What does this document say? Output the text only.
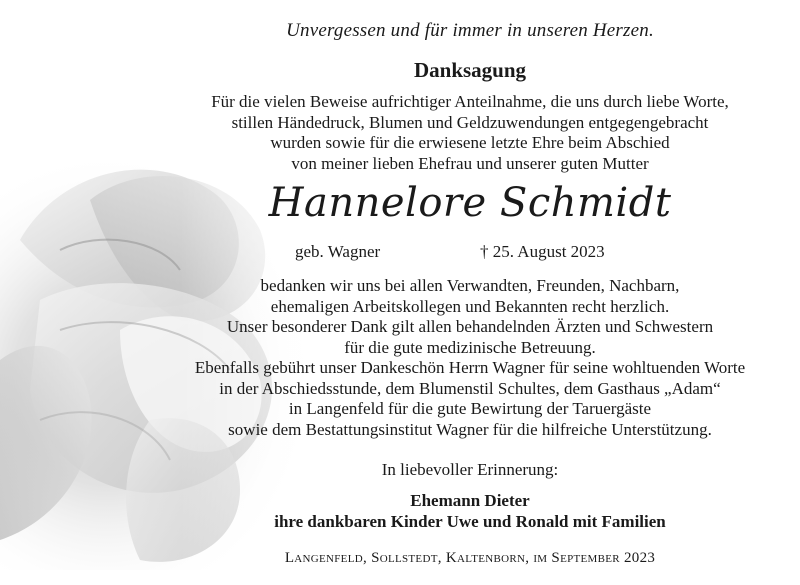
Unvergessen und für immer in unseren Herzen.
Danksagung
Für die vielen Beweise aufrichtiger Anteilnahme, die uns durch liebe Worte,
stillen Händedruck, Blumen und Geldzuwendungen entgegengebracht
wurden sowie für die erwiesene letzte Ehre beim Abschied
von meiner lieben Ehefrau und unserer guten Mutter
Hannelore Schmidt
geb. Wagner	† 25. August 2023
bedanken wir uns bei allen Verwandten, Freunden, Nachbarn,
ehemaligen Arbeitskollegen und Bekannten recht herzlich.
Unser besonderer Dank gilt allen behandelnden Ärzten und Schwestern
für die gute medizinische Betreuung.
Ebenfalls gebührt unser Dankeschön Herrn Wagner für seine wohltuenden Worte
in der Abschiedsstunde, dem Blumenstil Schultes, dem Gasthaus „Adam“
in Langenfeld für die gute Bewirtung der Taruergäste
sowie dem Bestattungsinstitut Wagner für die hilfreiche Unterstützung.
In liebevoller Erinnerung:
Ehemann Dieter
ihre dankbaren Kinder Uwe und Ronald mit Familien
Langenfeld, Sollstedt, Kaltenborn, im September 2023
